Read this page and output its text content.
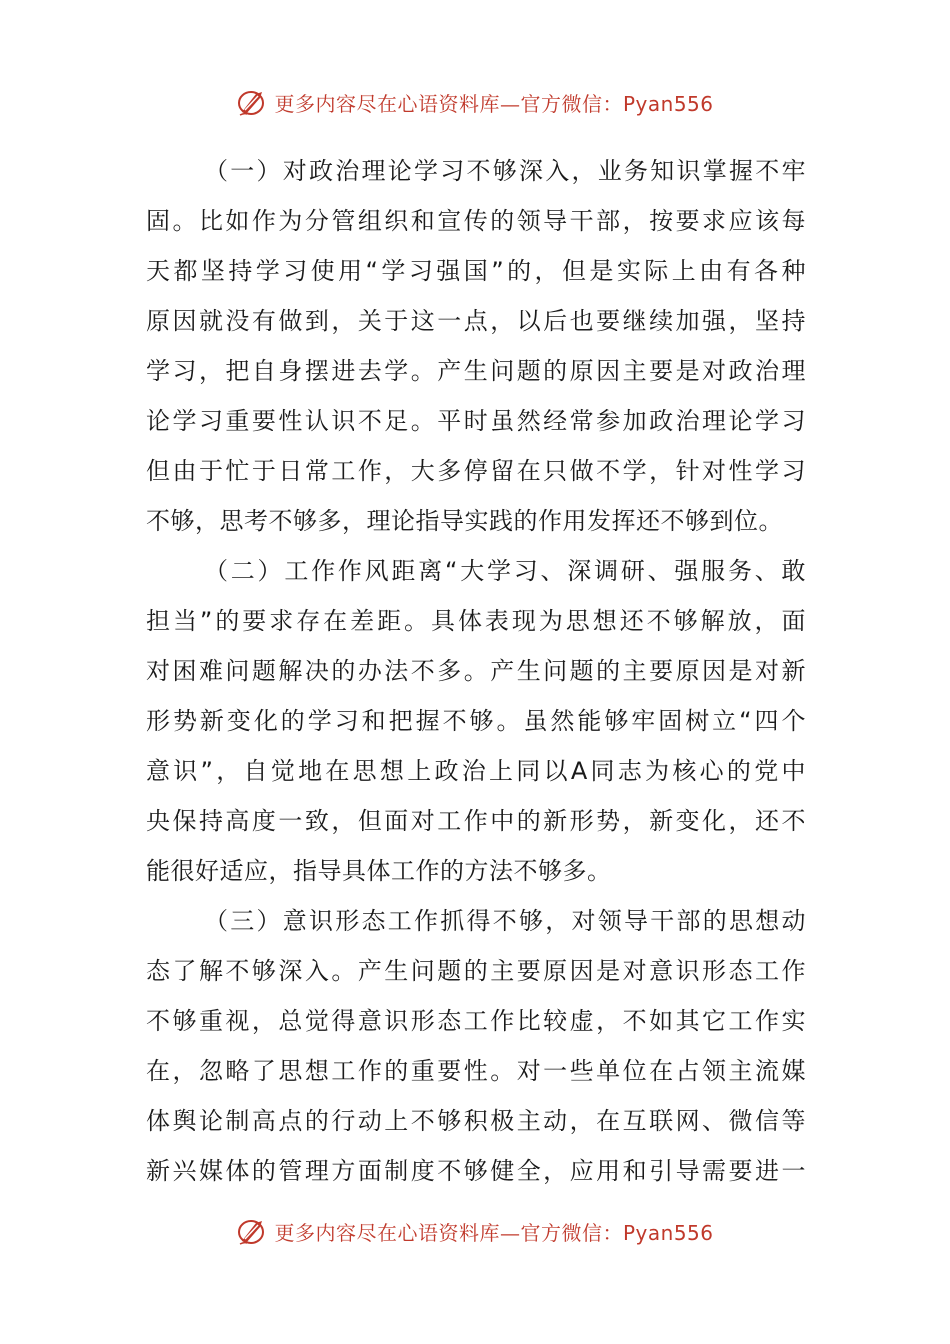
更多内容尽在心语资料库—官方微信：Pyan556
（一）对政治理论学习不够深入，业务知识掌握不牢
固。比如作为分管组织和宣传的领导干部，按要求应该每
天都坚持学习使用“学习强国”的，但是实际上由有各种
原因就没有做到，关于这一点，以后也要继续加强，坚持
学习，把自身摆进去学。产生问题的原因主要是对政治理
论学习重要性认识不足。平时虽然经常参加政治理论学习
但由于忙于日常工作，大多停留在只做不学，针对性学习
不够，思考不够多，理论指导实践的作用发挥还不够到位。
（二）工作作风距离“大学习、深调研、强服务、敢
担当”的要求存在差距。具体表现为思想还不够解放，面
对困难问题解决的办法不多。产生问题的主要原因是对新
形势新变化的学习和把握不够。虽然能够牢固树立“四个
意识”，自觉地在思想上政治上同以A同志为核心的党中
央保持高度一致，但面对工作中的新形势，新变化，还不
能很好适应，指导具体工作的方法不够多。
（三）意识形态工作抓得不够，对领导干部的思想动
态了解不够深入。产生问题的主要原因是对意识形态工作
不够重视，总觉得意识形态工作比较虚，不如其它工作实
在，忽略了思想工作的重要性。对一些单位在占领主流媒
体舆论制高点的行动上不够积极主动，在互联网、微信等
新兴媒体的管理方面制度不够健全，应用和引导需要进一
更多内容尽在心语资料库—官方微信：Pyan556
